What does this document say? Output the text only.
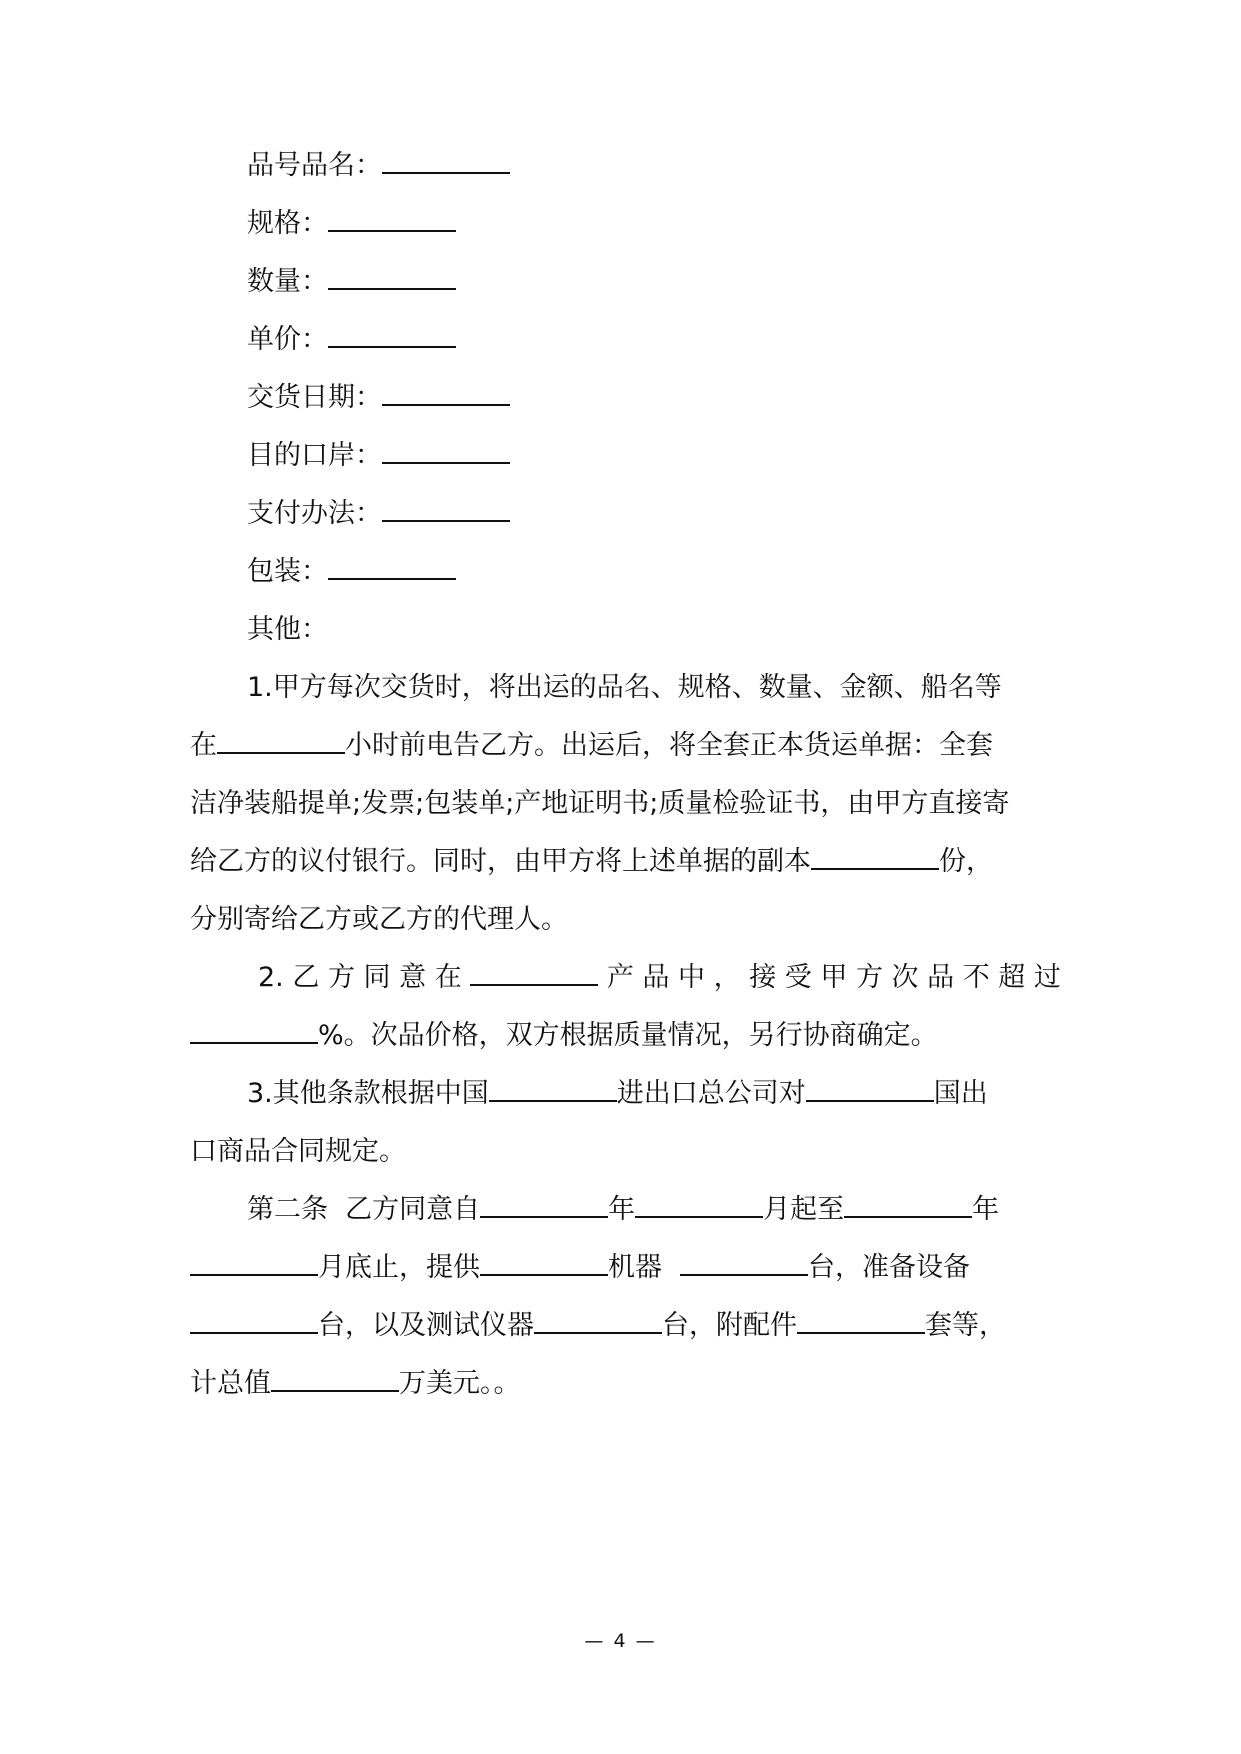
品号品名：
规格：
数量：
单价：
交货日期：
目的口岸：
支付办法：
包装：
其他：
1.甲方每次交货时，将出运的品名、规格、数量、金额、船名等
在	小时前电告乙方。出运后，将全套正本货运单据：全套
洁净装船提单;发票;包装单;产地证明书;质量检验证书，由甲方直接寄
给乙方的议付银行。同时，由甲方将上述单据的副本	份，
分别寄给乙方或乙方的代理人。
2. 乙 方 同 意 在	产 品 中 ， 接 受 甲 方 次 品 不 超 过
%。次品价格，双方根据质量情况，另行协商确定。
3.其他条款根据中国	进出口总公司对	国出
口商品合同规定。
第二条  乙方同意自	年	月起至	年
月底止，提供	机器	台，准备设备
台，以及测试仪器	台，附配件	套等，
计总值	万美元。。
— 4 —
